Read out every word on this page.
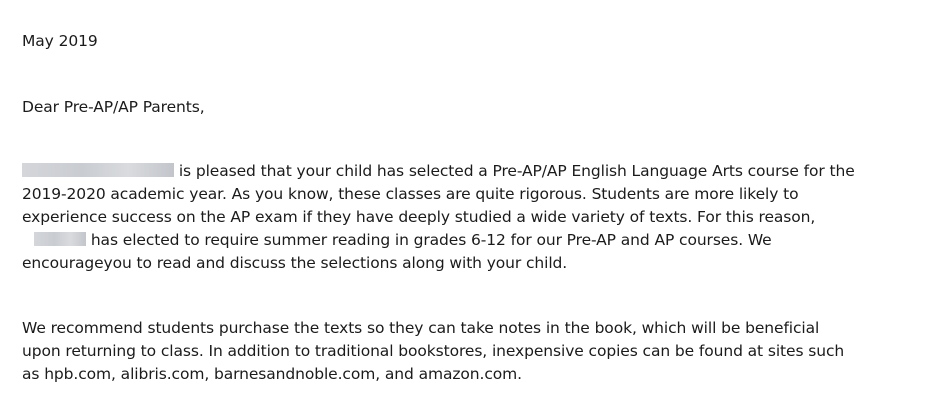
May 2019
Dear Pre-AP/AP Parents,
is pleased that your child has selected a Pre-AP/AP English Language Arts course for the
2019-2020 academic year. As you know, these classes are quite rigorous. Students are more likely to
experience success on the AP exam if they have deeply studied a wide variety of texts. For this reason,
has elected to require summer reading in grades 6-12 for our Pre-AP and AP courses. We
encourageyou to read and discuss the selections along with your child.
We recommend students purchase the texts so they can take notes in the book, which will be beneficial
upon returning to class. In addition to traditional bookstores, inexpensive copies can be found at sites such
as hpb.com, alibris.com, barnesandnoble.com, and amazon.com.
